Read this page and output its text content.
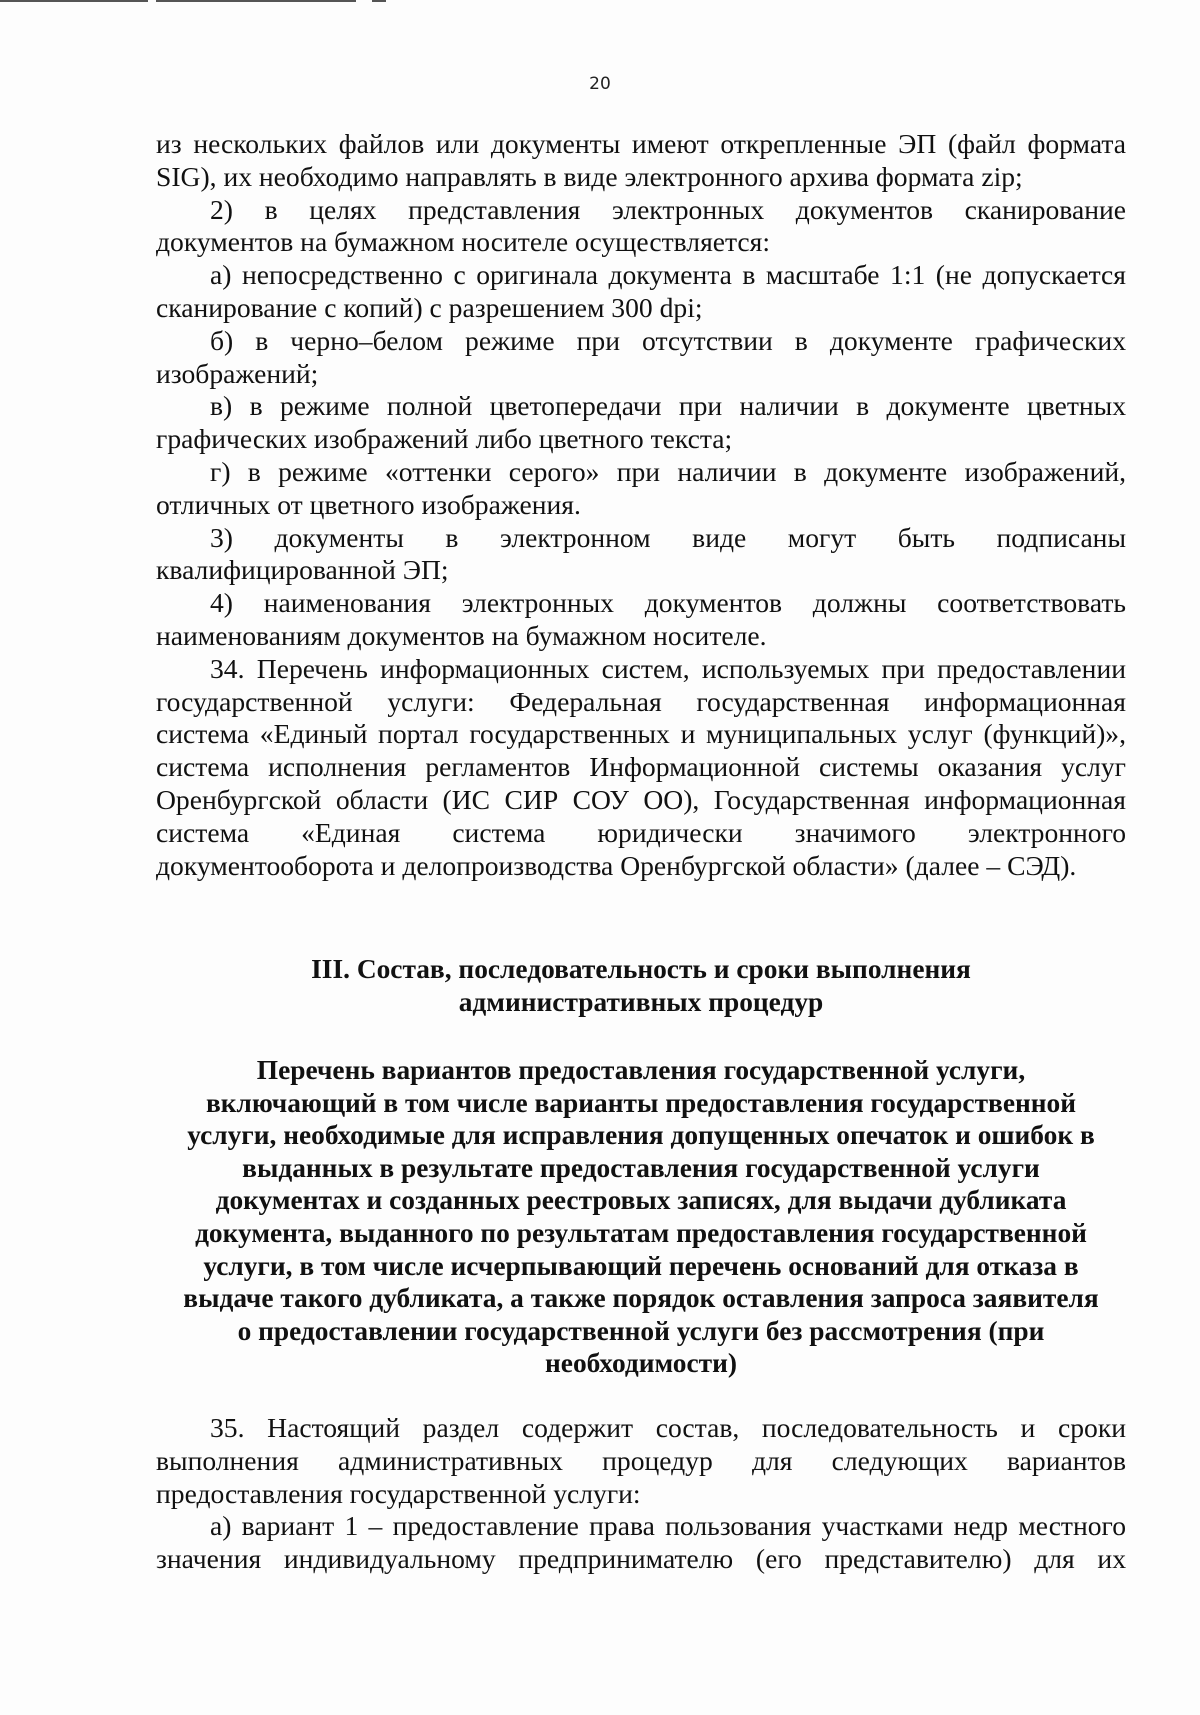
20
из нескольких файлов или документы имеют открепленные ЭП (файл формата
SIG), их необходимо направлять в виде электронного архива формата zip;
2) в целях представления электронных документов сканирование
документов на бумажном носителе осуществляется:
а) непосредственно с оригинала документа в масштабе 1:1 (не допускается
сканирование с копий) с разрешением 300 dpi;
б) в черно–белом режиме при отсутствии в документе графических
изображений;
в) в режиме полной цветопередачи при наличии в документе цветных
графических изображений либо цветного текста;
г) в режиме «оттенки серого» при наличии в документе изображений,
отличных от цветного изображения.
3) документы в электронном виде могут быть подписаны
квалифицированной ЭП;
4) наименования электронных документов должны соответствовать
наименованиям документов на бумажном носителе.
34. Перечень информационных систем, используемых при предоставлении
государственной услуги: Федеральная государственная информационная
система «Единый портал государственных и муниципальных услуг (функций)»,
система исполнения регламентов Информационной системы оказания услуг
Оренбургской области (ИС СИР СОУ ОО), Государственная информационная
система «Единая система юридически значимого электронного
документооборота и делопроизводства Оренбургской области» (далее – СЭД).
III. Состав, последовательность и сроки выполнения
административных процедур
Перечень вариантов предоставления государственной услуги,
включающий в том числе варианты предоставления государственной
услуги, необходимые для исправления допущенных опечаток и ошибок в
выданных в результате предоставления государственной услуги
документах и созданных реестровых записях, для выдачи дубликата
документа, выданного по результатам предоставления государственной
услуги, в том числе исчерпывающий перечень оснований для отказа в
выдаче такого дубликата, а также порядок оставления запроса заявителя
о предоставлении государственной услуги без рассмотрения (при
необходимости)
35. Настоящий раздел содержит состав, последовательность и сроки
выполнения административных процедур для следующих вариантов
предоставления государственной услуги:
а) вариант 1 – предоставление права пользования участками недр местного
значения индивидуальному предпринимателю (его представителю) для их
